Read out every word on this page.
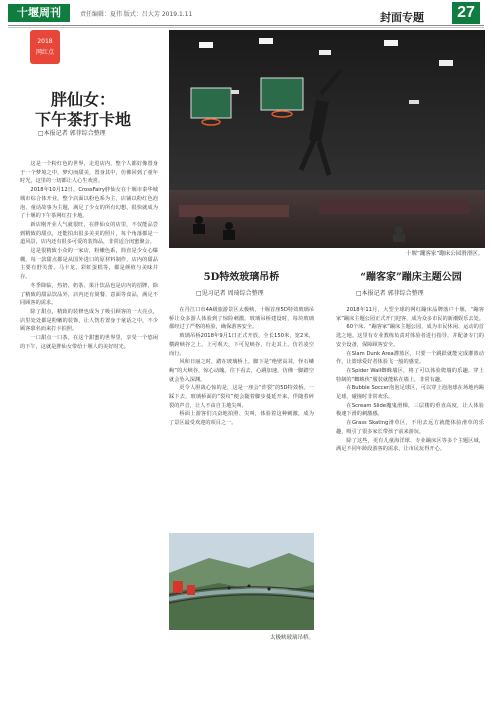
十堰周刊	责任编辑：夏伟 版式：吕大芳 2019.1.11	封面专题	27
2018
网红点
胖仙女：
下午茶打卡地
□本报记者 郭菲综合整理

这是一个粉红色的世界，走进店内，整个人都好像置身于一个梦境之中，梦幻而甜美，置身其中，仿佛回到了童年时光，这里的一切都让人心生欢喜。

2018年10月12日，CrossFairy胖仙女在十堰市泰华城城市综合体开业，整个店面以粉色系为主，店铺以粉红色泡泡、童话故事为主题，满足了少女的所有幻想，很快就成为了十堰的下午茶网红打卡地。

新店刚开业人气就很旺，在胖仙女的店里，不仅能品尝到精致的甜点，还能拍出很多美美的照片，每个角落都是一道风景，店内还有很多可爱的装饰品，非常适合闺蜜聚会。

这是很精致小众的一家店，粉嫩色系，简直是少女心爆棚，每一款甜点都是从国外进口的原材料制作，店内的甜品主要有舒芙蕾、马卡龙、彩虹蛋糕等，都是颜值与美味并存。

冬季降临，热奶、奶茶、果汁饮品也是店内的招牌，除了精致的甜品饮品外，店内还有简餐、意面等食品，满足不同顾客的需求。

除了甜点，精致的装修也成为了吸引顾客的一大亮点，店里处处都是粉嫩的装饰，让人恍若置身于童话之中，不少顾客慕名而来打卡拍照。

一口甜点一口茶，在这个甜蜜的世界里，享受一个悠闲的下午，这就是胖仙女带给十堰人的美好时光。

十堰“蹦客家”蹦床公园滑滑区。
5D特效玻璃吊桥
□见习记者 周琦综合整理

在丹江口市4A级旅游景区太极峡，十堰首座5D特效玻璃吊桥让众多游人体验到了惊险刺激。玻璃吊桥建设时，每块玻璃都经过了严格的检验，确保游客安全。

玻璃吊桥2018年9月1日正式开放，全长150米，宽2米，横跨峡谷之上，上可观天，下可见峡谷，行走其上，仿若凌空而行。

风和日丽之时，踏在玻璃桥上，脚下是“绝壁高耸，怪石嶙峋”的大峡谷，惊心动魄。往下看去，心跳加速，仿佛一脚踏空就会坠入深渊。

更令人胆战心惊的是，这是一座会“炸裂”的5D特效桥。一踩下去，玻璃桥面的“裂纹”便会随着脚步蔓延开来，伴随着碎裂的声音，让人不由自主地尖叫。

桥面上游客们兴奋地拍照、尖叫，体验着这种刺激，成为了景区最受欢迎的项目之一。

太极峡玻璃吊桥。
“蹦客家”蹦床主题公园
□本报记者 郭菲综合整理

2018年11月，大型全球的网红蹦床品牌落户十堰，“蹦客家”蹦床主题公园正式开门迎客，成为众多市民的新潮娱乐去处。

60个床、“蹦客家”蹦床主题公园，成为市民休闲、运动的首选之地。这里有专业教练负责对体验者进行指导，并配备专门的安全设备，保障顾客安全。

在Slam Dunk Area灌篮区，只要一个跳跃就能完成灌篮动作，让篮球爱好者体验飞一般的感觉。

在Spider Wall蜘蛛墙区，将了可以体验爬墙的乐趣，穿上特制的“蜘蛛侠”服装就能粘在墙上，非常有趣。

在Bubble Soccer泡泡足球区，可以穿上泡泡球在场地内踢足球，碰撞时非常欢乐。

在Scream Slide魔鬼滑梯，三层楼的垂直高度，让人体验极速下滑的刺激感。

在Grass Skating滑草区，不用去远方就能体验滑草的乐趣，吸引了很多家长带孩子前来游玩。

除了这些，更有儿童海洋球、专业蹦床区等多个主题区域，满足不同年龄段游客的需求，让市民玩得开心。
